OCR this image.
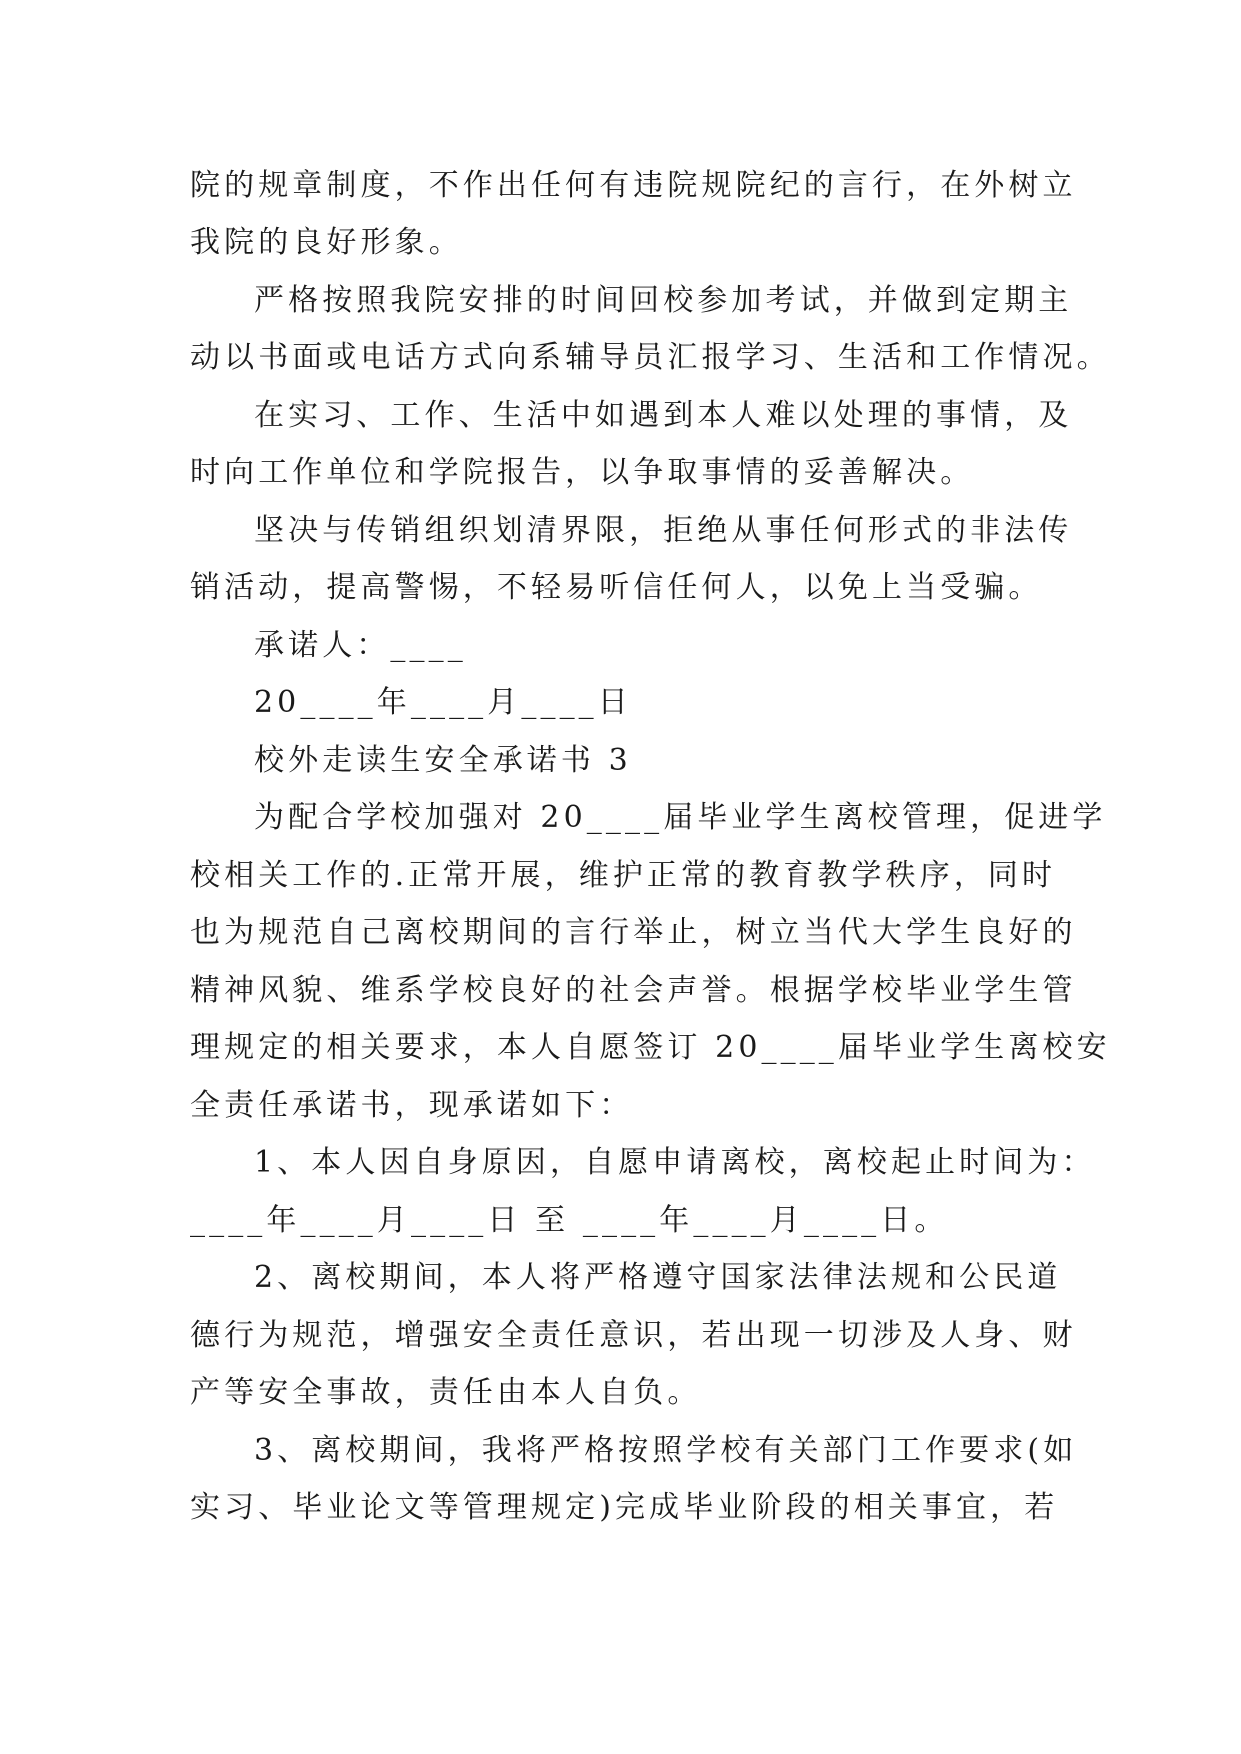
院的规章制度，不作出任何有违院规院纪的言行，在外树立

我院的良好形象。

严格按照我院安排的时间回校参加考试，并做到定期主

动以书面或电话方式向系辅导员汇报学习、生活和工作情况。

在实习、工作、生活中如遇到本人难以处理的事情，及

时向工作单位和学院报告，以争取事情的妥善解决。

坚决与传销组织划清界限，拒绝从事任何形式的非法传

销活动，提高警惕，不轻易听信任何人，以免上当受骗。

承诺人：____

20____年____月____日

校外走读生安全承诺书 3

为配合学校加强对 20____届毕业学生离校管理，促进学

校相关工作的.正常开展，维护正常的教育教学秩序，同时

也为规范自己离校期间的言行举止，树立当代大学生良好的

精神风貌、维系学校良好的社会声誉。根据学校毕业学生管

理规定的相关要求，本人自愿签订 20____届毕业学生离校安

全责任承诺书，现承诺如下：

1、本人因自身原因，自愿申请离校，离校起止时间为：

____年____月____日 至 ____年____月____日。

2、离校期间，本人将严格遵守国家法律法规和公民道

德行为规范，增强安全责任意识，若出现一切涉及人身、财

产等安全事故，责任由本人自负。

3、离校期间，我将严格按照学校有关部门工作要求(如

实习、毕业论文等管理规定)完成毕业阶段的相关事宜，若
